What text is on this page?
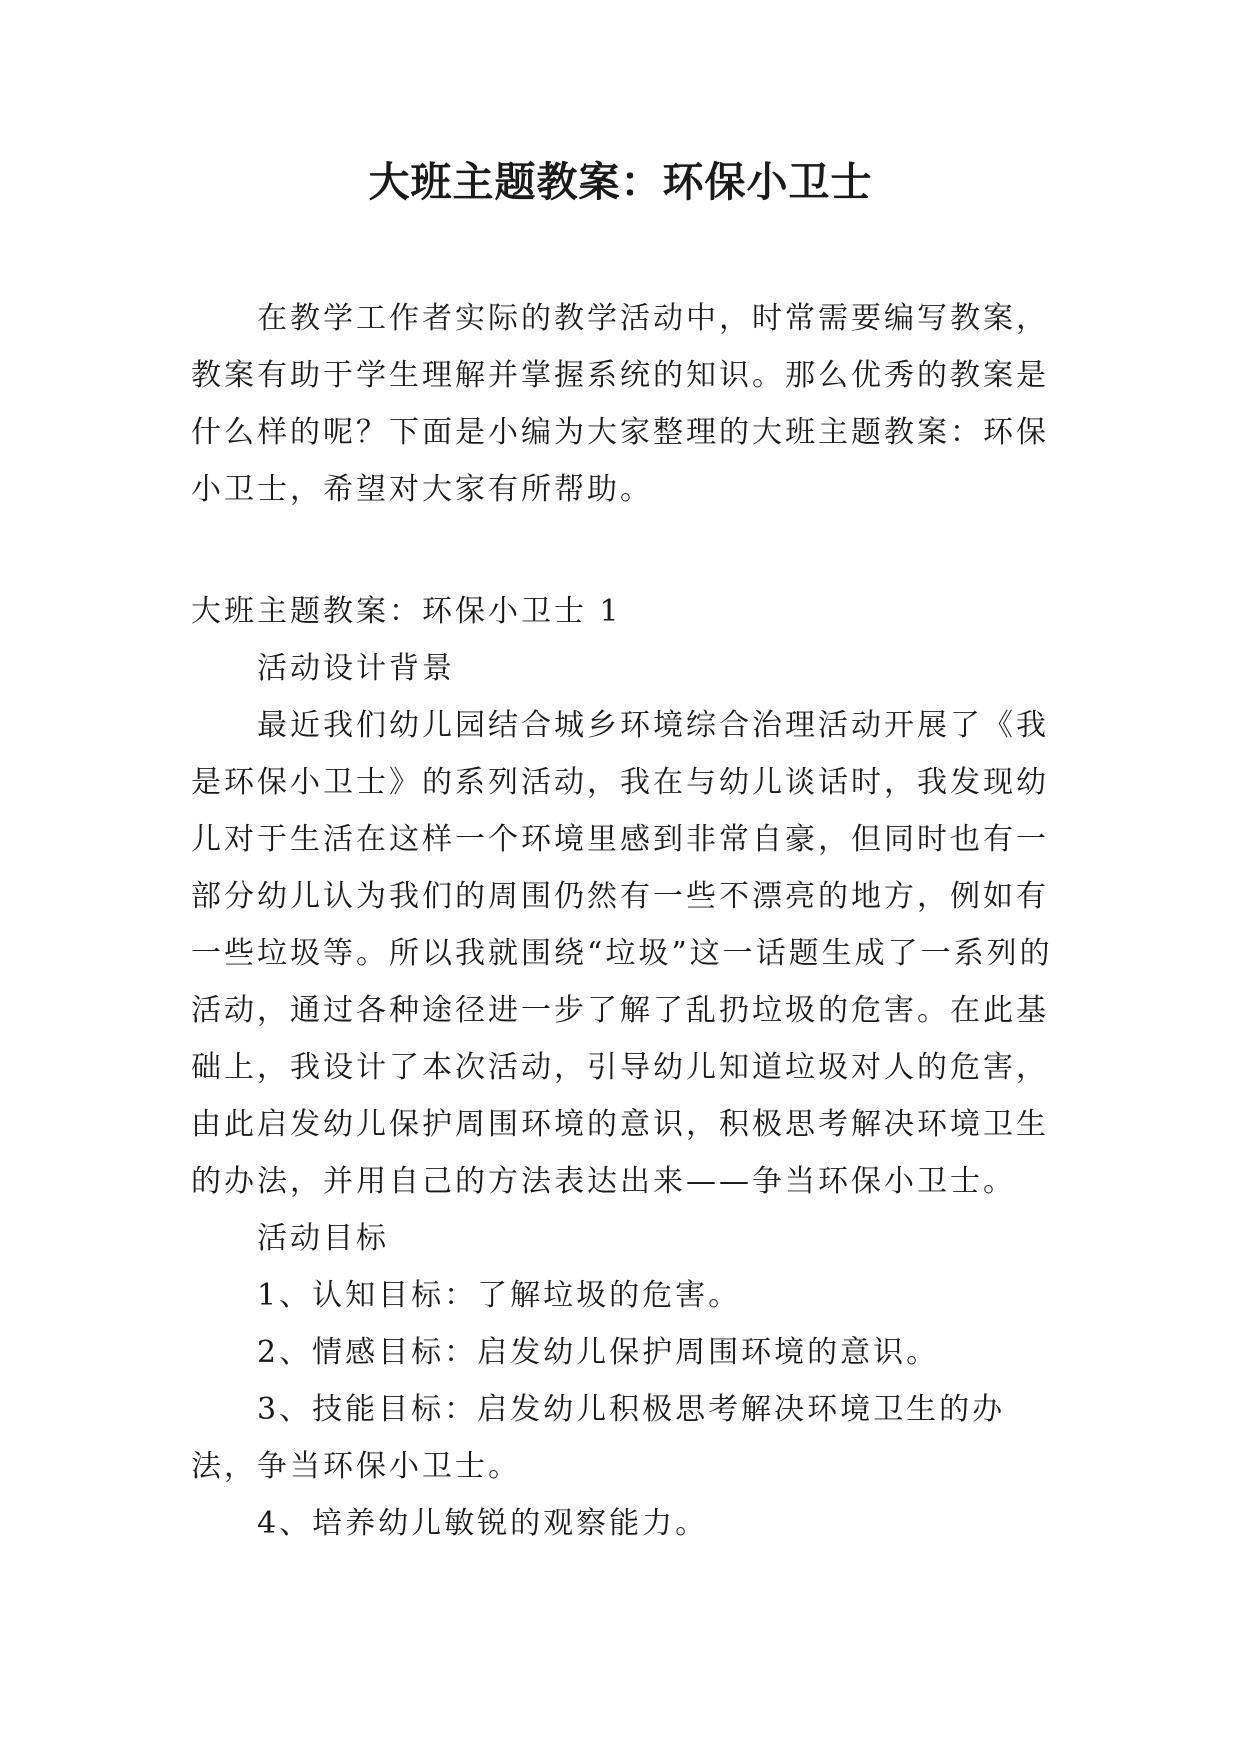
大班主题教案：环保小卫士

在教学工作者实际的教学活动中，时常需要编写教案，教案有助于学生理解并掌握系统的知识。那么优秀的教案是什么样的呢？下面是小编为大家整理的大班主题教案：环保小卫士，希望对大家有所帮助。

大班主题教案：环保小卫士 1

活动设计背景

最近我们幼儿园结合城乡环境综合治理活动开展了《我是环保小卫士》的系列活动，我在与幼儿谈话时，我发现幼儿对于生活在这样一个环境里感到非常自豪，但同时也有一部分幼儿认为我们的周围仍然有一些不漂亮的地方，例如有一些垃圾等。所以我就围绕“垃圾”这一话题生成了一系列的活动，通过各种途径进一步了解了乱扔垃圾的危害。在此基础上，我设计了本次活动，引导幼儿知道垃圾对人的危害，由此启发幼儿保护周围环境的意识，积极思考解决环境卫生的办法，并用自己的方法表达出来——争当环保小卫士。

活动目标

1、认知目标：了解垃圾的危害。

2、情感目标：启发幼儿保护周围环境的意识。

3、技能目标：启发幼儿积极思考解决环境卫生的办法，争当环保小卫士。

4、培养幼儿敏锐的观察能力。
